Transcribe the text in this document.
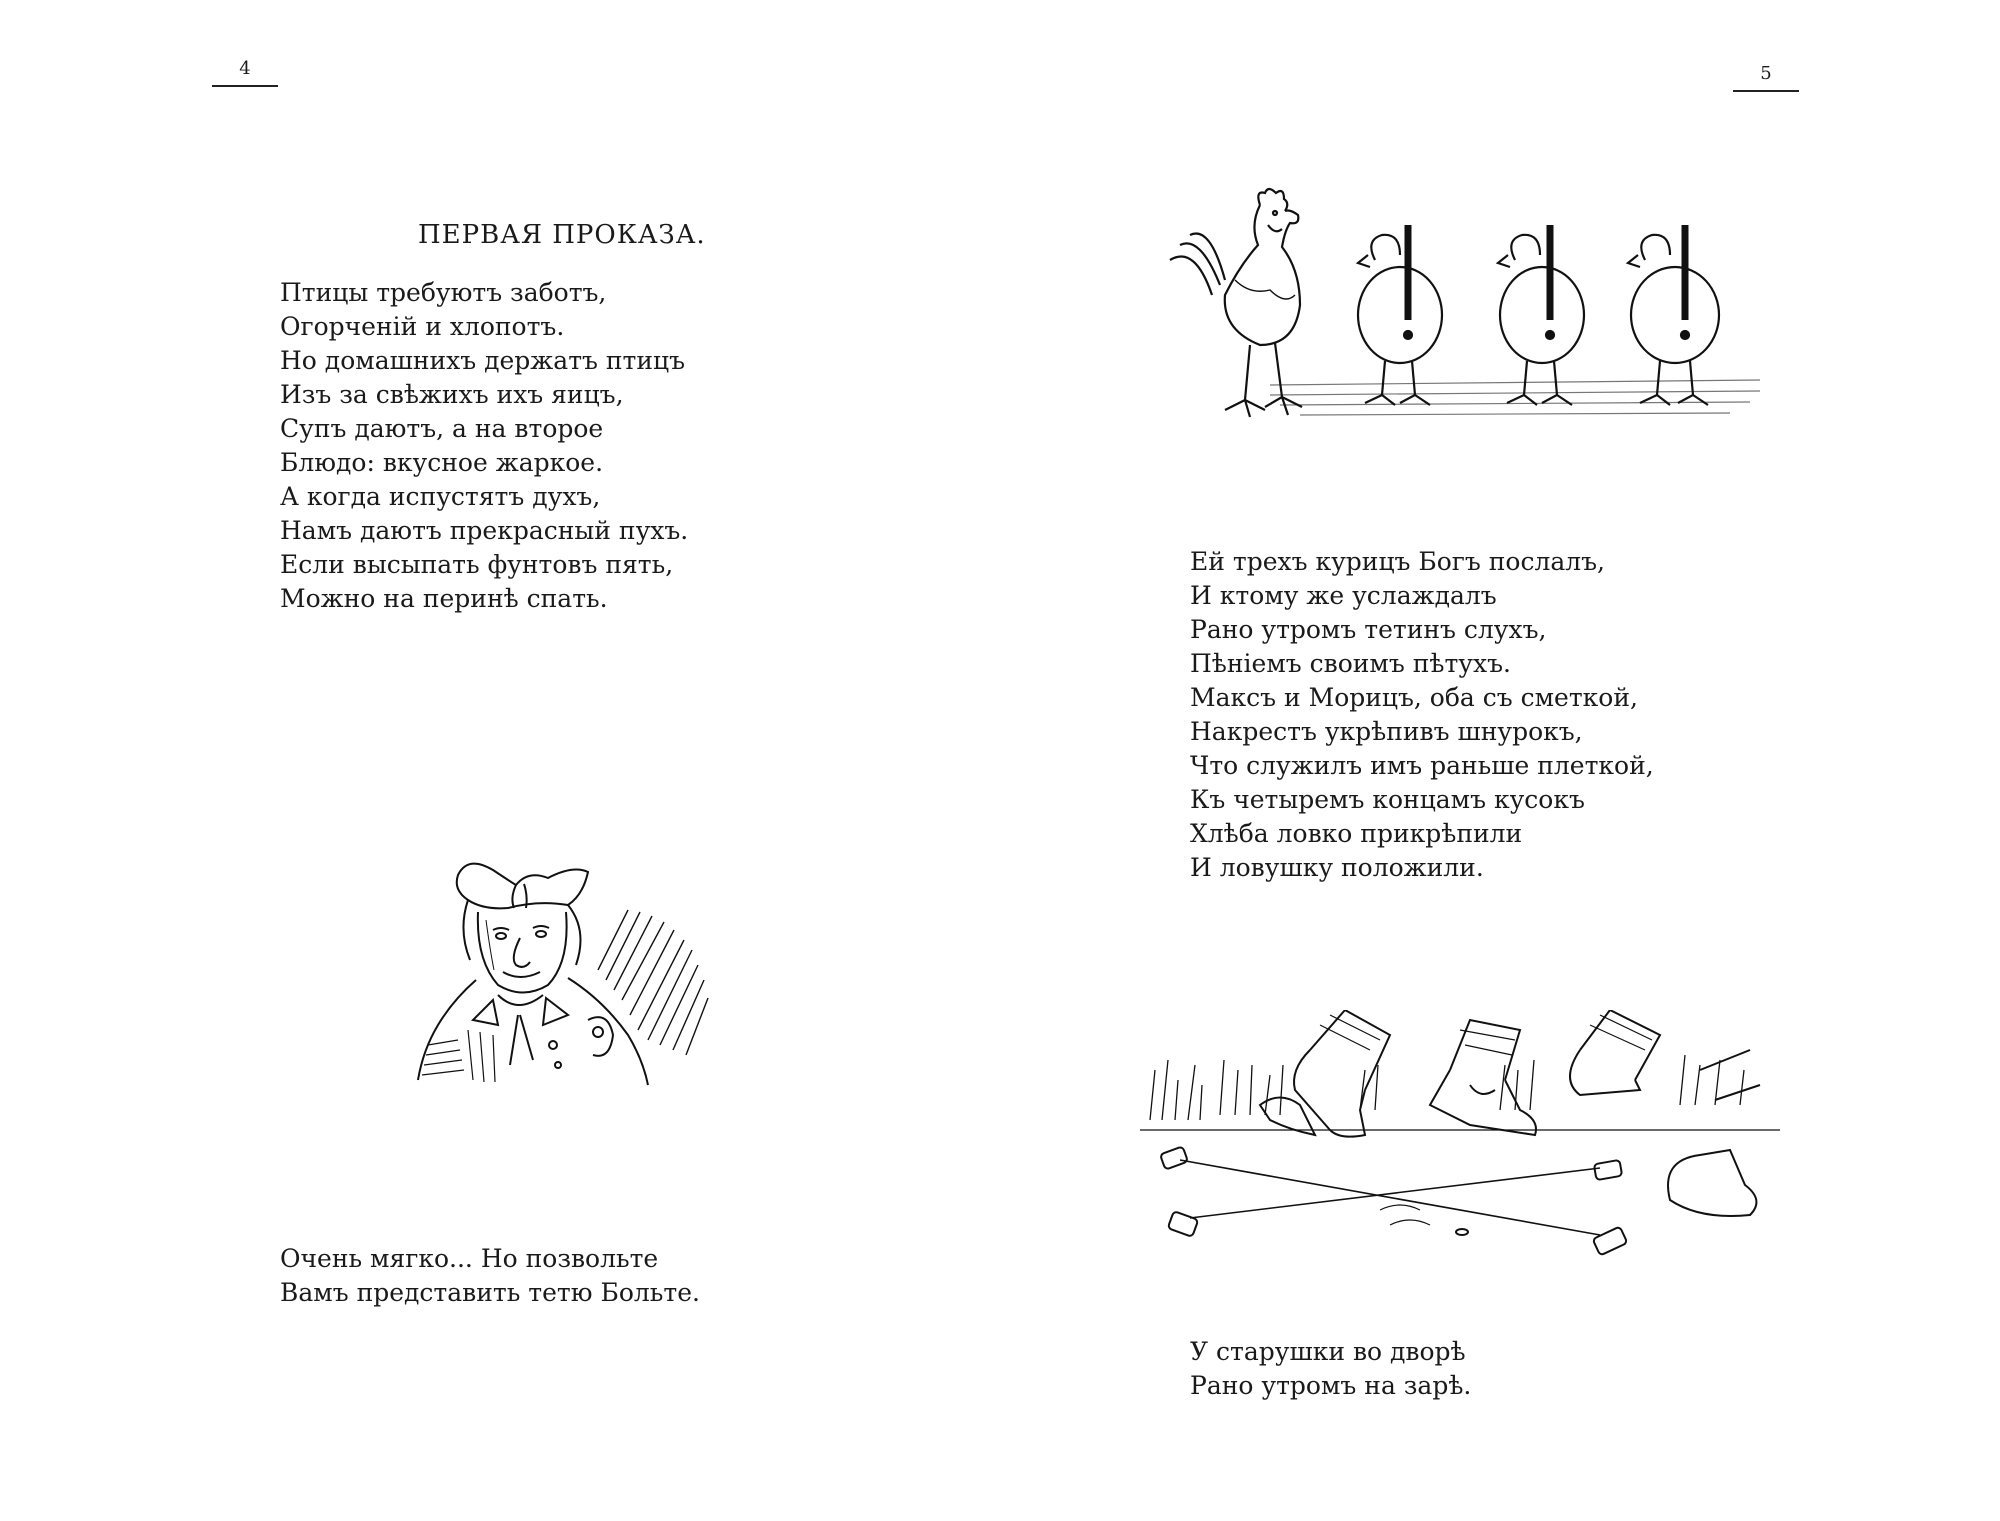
4
ПЕРВАЯ ПРОКАЗА.
Птицы требуютъ заботъ,
Огорченій и хлопотъ.
Но домашнихъ держатъ птицъ
Изъ за свѣжихъ ихъ яицъ,
Супъ даютъ, а на второе
Блюдо: вкусное жаркое.
А когда испустятъ духъ,
Намъ даютъ прекрасный пухъ.
Если высыпать фунтовъ пять,
Можно на перинѣ спать.
Очень мягко... Но позвольте
Вамъ представить тетю Больте.
5
Ей трехъ курицъ Богъ послалъ,
И ктому же услаждалъ
Рано утромъ тетинъ слухъ,
Пѣніемъ своимъ пѣтухъ.
Максъ и Морицъ, оба съ сметкой,
Накрестъ укрѣпивъ шнурокъ,
Что служилъ имъ раньше плеткой,
Къ четыремъ концамъ кусокъ
Хлѣба ловко прикрѣпили
И ловушку положили.
У старушки во дворѣ
Рано утромъ на зарѣ.
